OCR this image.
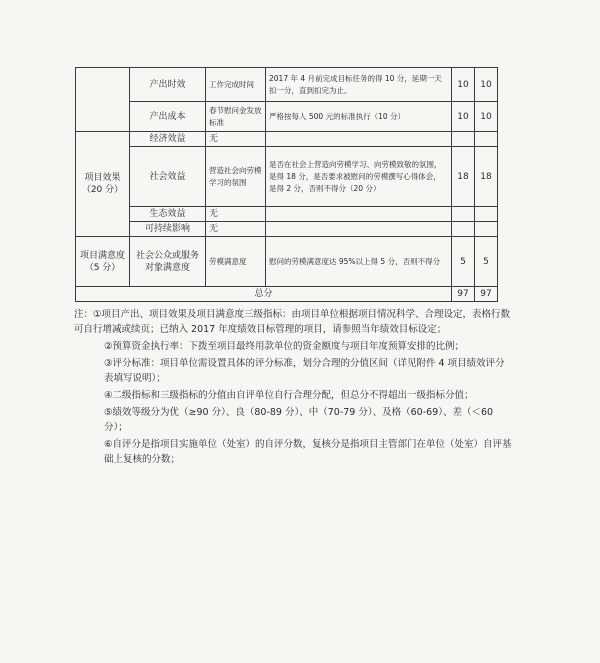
	产出时效	工作完成时间	2017 年 4 月前完成目标任务的得 10 分，延期一天扣一分，直到扣完为止。	10	10
	产出成本	春节慰问金发放标准	严格按每人 500 元的标准执行（10 分）	10	10
项目效果（20 分）	经济效益	无			
	社会效益	营造社会向劳模学习的氛围	是否在社会上营造向劳模学习、向劳模致敬的氛围，是得 18 分，是否要求被慰问的劳模撰写心得体会，是得 2 分，否则不得分（20 分）	18	18
	生态效益	无			
	可持续影响	无			
项目满意度（5 分）	社会公众或服务对象满意度	劳模满意度	慰问的劳模满意度达 95%以上得 5 分，否则不得分	5	5
总分				97	97
注：①项目产出、项目效果及项目满意度三级指标：由项目单位根据项目情况科学、合理设定，表格行数可自行增减或续页；已纳入 2017 年度绩效目标管理的项目，请参照当年绩效目标设定；
②预算资金执行率：下拨至项目最终用款单位的资金额度与项目年度预算安排的比例；
③评分标准：项目单位需设置具体的评分标准，划分合理的分值区间（详见附件 4 项目绩效评分表填写说明）；
④二级指标和三级指标的分值由自评单位自行合理分配，但总分不得超出一级指标分值；
⑤绩效等级分为优（≥90 分）、良（80-89 分）、中（70-79 分）、及格（60-69）、差（＜60 分）；
⑥自评分是指项目实施单位（处室）的自评分数，复核分是指项目主管部门在单位（处室）自评基础上复核的分数；
